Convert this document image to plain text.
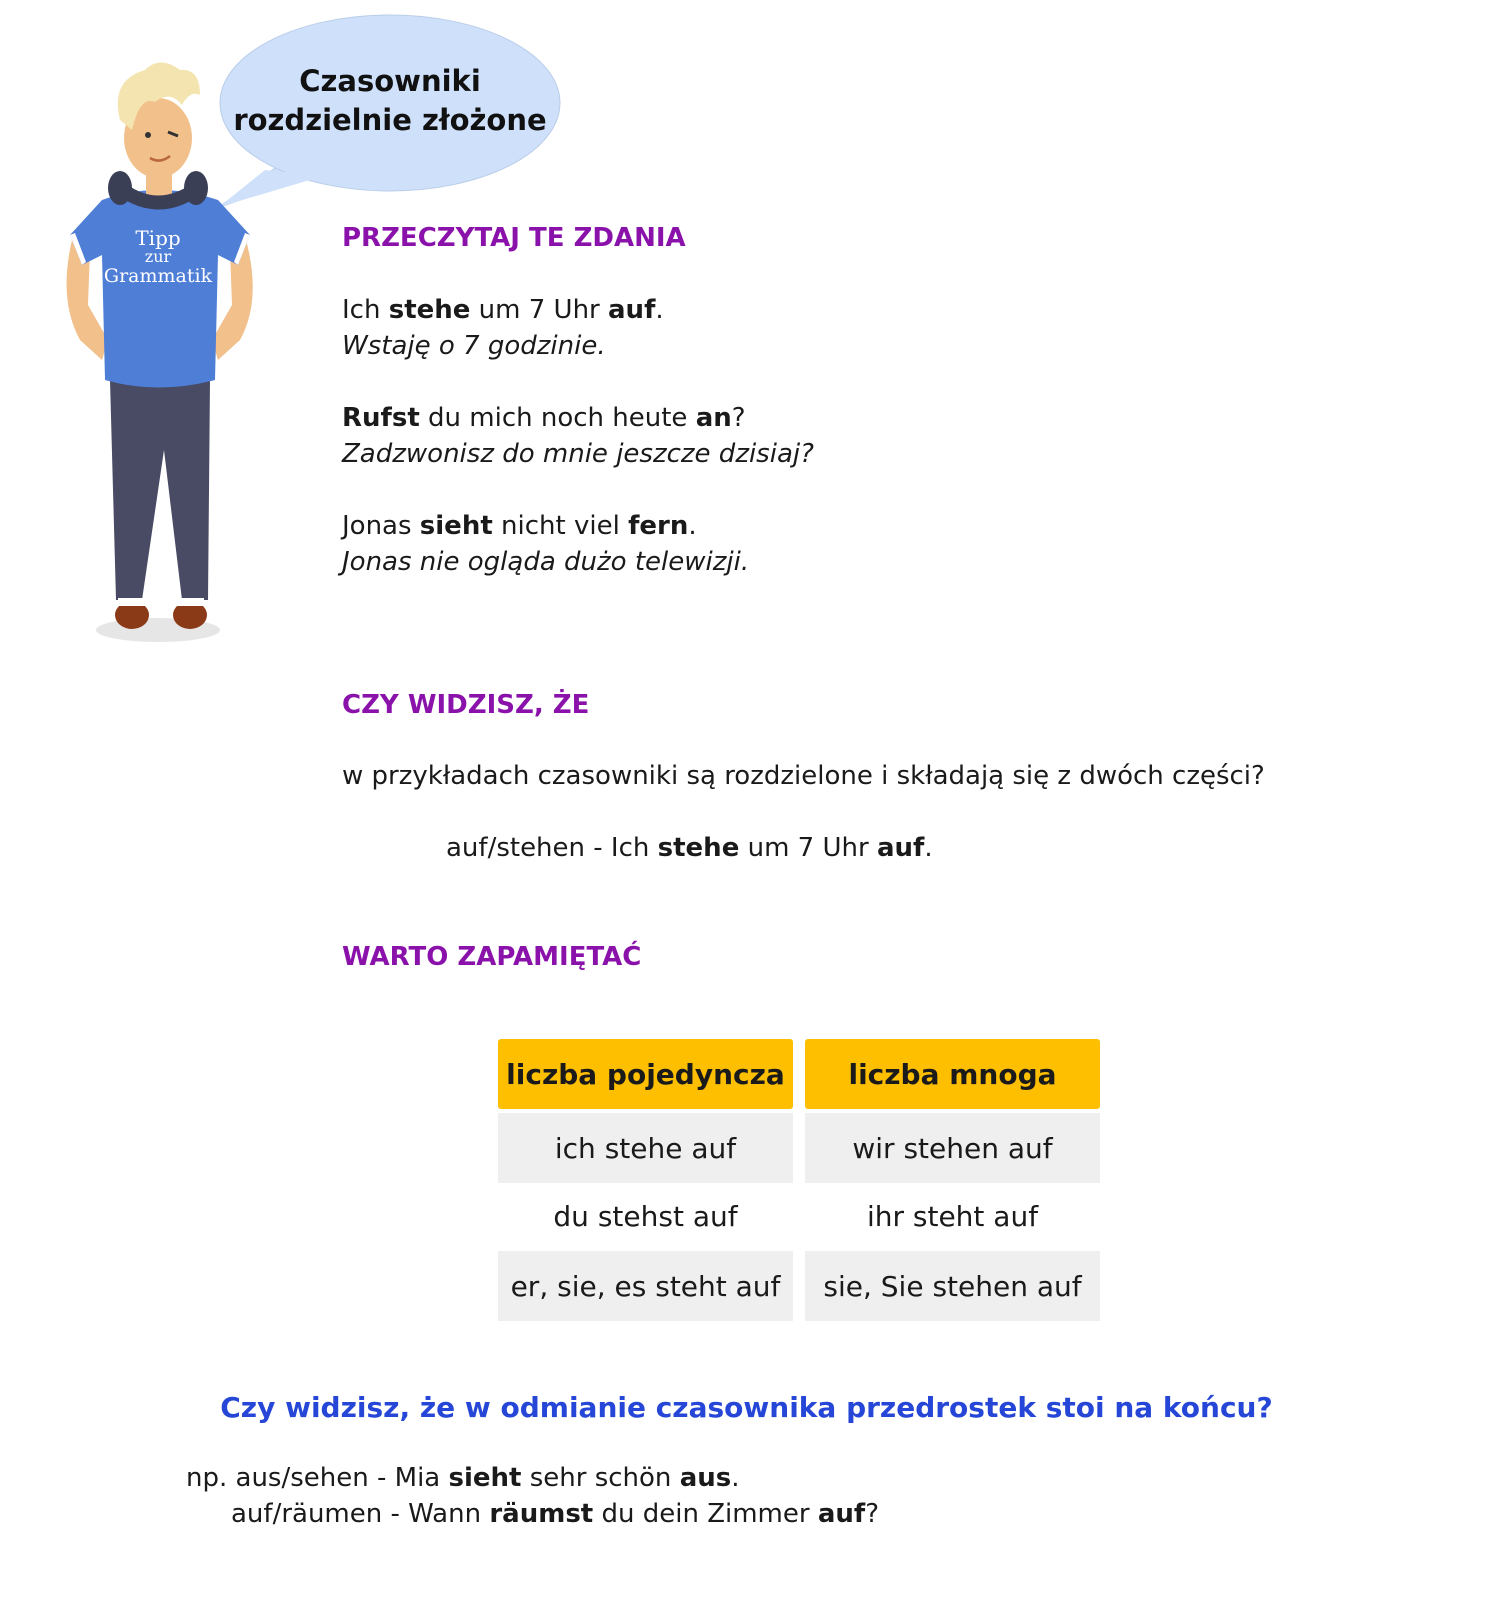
Czasowniki
rozdzielnie złożone
Tipp
zur
Grammatik
PRZECZYTAJ TE ZDANIA
Ich stehe um 7 Uhr auf.
Wstaję o 7 godzinie.
Rufst du mich noch heute an?
Zadzwonisz do mnie jeszcze dzisiaj?
Jonas sieht nicht viel fern.
Jonas nie ogląda dużo telewizji.
CZY WIDZISZ, ŻE
w przykładach czasowniki są rozdzielone i składają się z dwóch części?
auf/stehen - Ich stehe um 7 Uhr auf.
WARTO ZAPAMIĘTAĆ
liczba pojedyncza	liczba mnoga
ich stehe auf	wir stehen auf
du stehst auf	ihr steht auf
er, sie, es steht auf	sie, Sie stehen auf
Czy widzisz, że w odmianie czasownika przedrostek stoi na końcu?
np. aus/sehen - Mia sieht sehr schön aus.
auf/räumen - Wann räumst du dein Zimmer auf?
